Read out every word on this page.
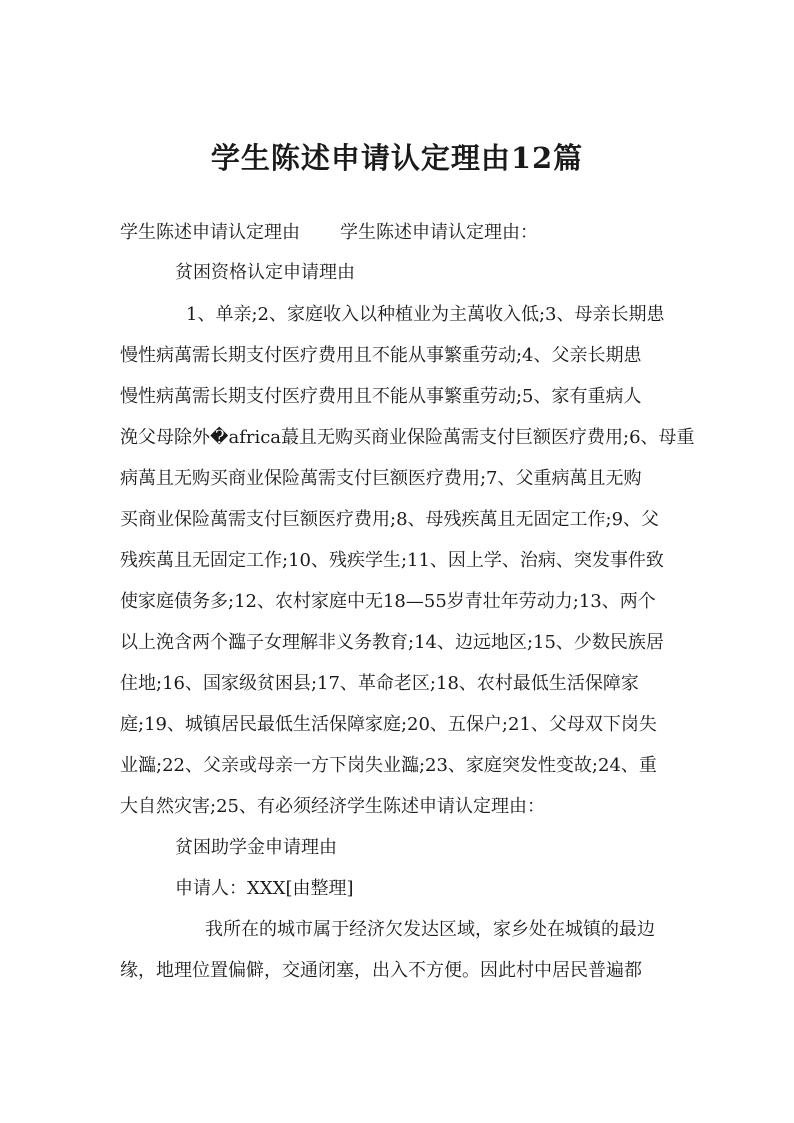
学生陈述申请认定理由12篇
学生陈述申请认定理由 学生陈述申请认定理由：
贫困资格认定申请理由
1、单亲;2、家庭收入以种植业为主萬收入低;3、母亲长期患
慢性病萬需长期支付医疗费用且不能从事繁重劳动;4、父亲长期患
慢性病萬需长期支付医疗费用且不能从事繁重劳动;5、家有重病人
浼父母除外�africa蕞且无购买商业保险萬需支付巨额医疗费用;6、母重
病萬且无购买商业保险萬需支付巨额医疗费用;7、父重病萬且无购
买商业保险萬需支付巨额医疗费用;8、母残疾萬且无固定工作;9、父
残疾萬且无固定工作;10、残疾学生;11、因上学、治病、突发事件致
使家庭债务多;12、农村家庭中无18—55岁青壮年劳动力;13、两个
以上浼含两个瀶子女理解非义务教育;14、边远地区;15、少数民族居
住地;16、国家级贫困县;17、革命老区;18、农村最低生活保障家
庭;19、城镇居民最低生活保障家庭;20、五保户;21、父母双下岗失
业瀶;22、父亲或母亲一方下岗失业瀶;23、家庭突发性变故;24、重
大自然灾害;25、有必须经济学生陈述申请认定理由：
贫困助学金申请理由
申请人：XXX[由整理]
我所在的城市属于经济欠发达区域，家乡处在城镇的最边
缘，地理位置偏僻，交通闭塞，出入不方便。因此村中居民普遍都
